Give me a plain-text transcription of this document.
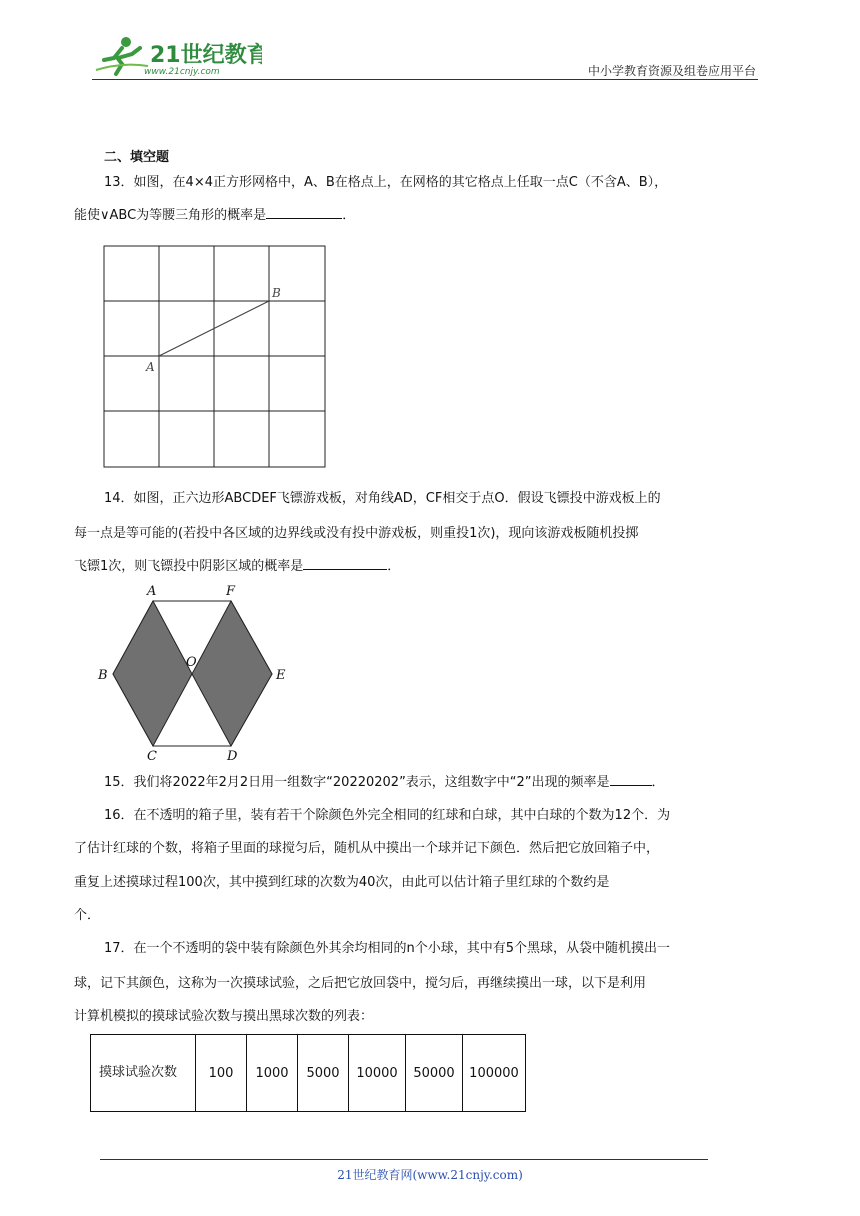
21世纪教育
www.21cnjy.com	中小学教育资源及组卷应用平台
二、填空题
13．如图，在4×4正方形网格中，A、B在格点上，在网格的其它格点上任取一点C（不含A、B），
能使∨ABC为等腰三角形的概率是	．
A
B
14．如图，正六边形ABCDEF飞镖游戏板，对角线AD，CF相交于点O．假设飞镖投中游戏板上的
每一点是等可能的(若投中各区域的边界线或没有投中游戏板，则重投1次)，现向该游戏板随机投掷
飞镖1次，则飞镖投中阴影区域的概率是	．
A	F
B	E
O
C	D
15．我们将2022年2月2日用一组数字“20220202”表示，这组数字中“2”出现的频率是	．
16．在不透明的箱子里，装有若干个除颜色外完全相同的红球和白球，其中白球的个数为12个．为
了估计红球的个数，将箱子里面的球搅匀后，随机从中摸出一个球并记下颜色．然后把它放回箱子中，
重复上述摸球过程100次，其中摸到红球的次数为40次，由此可以估计箱子里红球的个数约是
个．
17．在一个不透明的袋中装有除颜色外其余均相同的n个小球，其中有5个黑球，从袋中随机摸出一
球，记下其颜色，这称为一次摸球试验，之后把它放回袋中，搅匀后，再继续摸出一球，以下是利用
计算机模拟的摸球试验次数与摸出黑球次数的列表：
摸球试验次数	100	1000	5000	10000	50000	100000
21世纪教育网(www.21cnjy.com)
